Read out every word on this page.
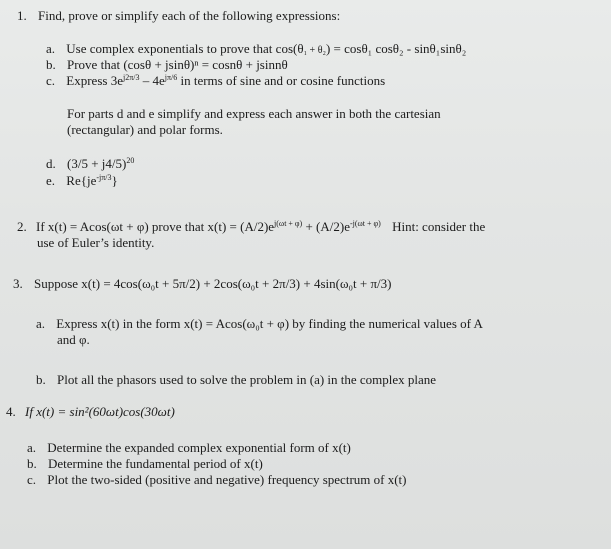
1. Find, prove or simplify each of the following expressions:
a. Use complex exponentials to prove that cos(θ₁ + θ₂) = cosθ₁ cosθ₂ - sinθ₁sinθ₂
b. Prove that (cosθ + jsinθ)ⁿ = cosnθ + jsinnθ
c. Express $3e^{j2\pi/3} - 4e^{j\pi/6}$ in terms of sine and or cosine functions
For parts d and e simplify and express each answer in both the cartesian
(rectangular) and polar forms.
d. $(3/5 + j4/5)^{20}$
e. $Re\{je^{-j\pi/3}\}$
2. If x(t) = Acos(ωt + φ) prove that $x(t) = (A/2)e^{j(\omega t + \varphi)} + (A/2)e^{-j(\omega t + \varphi)}$ Hint: consider the
use of Euler’s identity.
3. Suppose x(t) = 4cos(ω₀t + 5π/2) + 2cos(ω₀t + 2π/3) + 4sin(ω₀t + π/3)
a. Express x(t) in the form x(t) = Acos(ω₀t + φ) by finding the numerical values of A
and φ.
b. Plot all the phasors used to solve the problem in (a) in the complex plane
4. If x(t) = sin²(60ωt)cos(30ωt)
a. Determine the expanded complex exponential form of x(t)
b. Determine the fundamental period of x(t)
c. Plot the two-sided (positive and negative) frequency spectrum of x(t)
